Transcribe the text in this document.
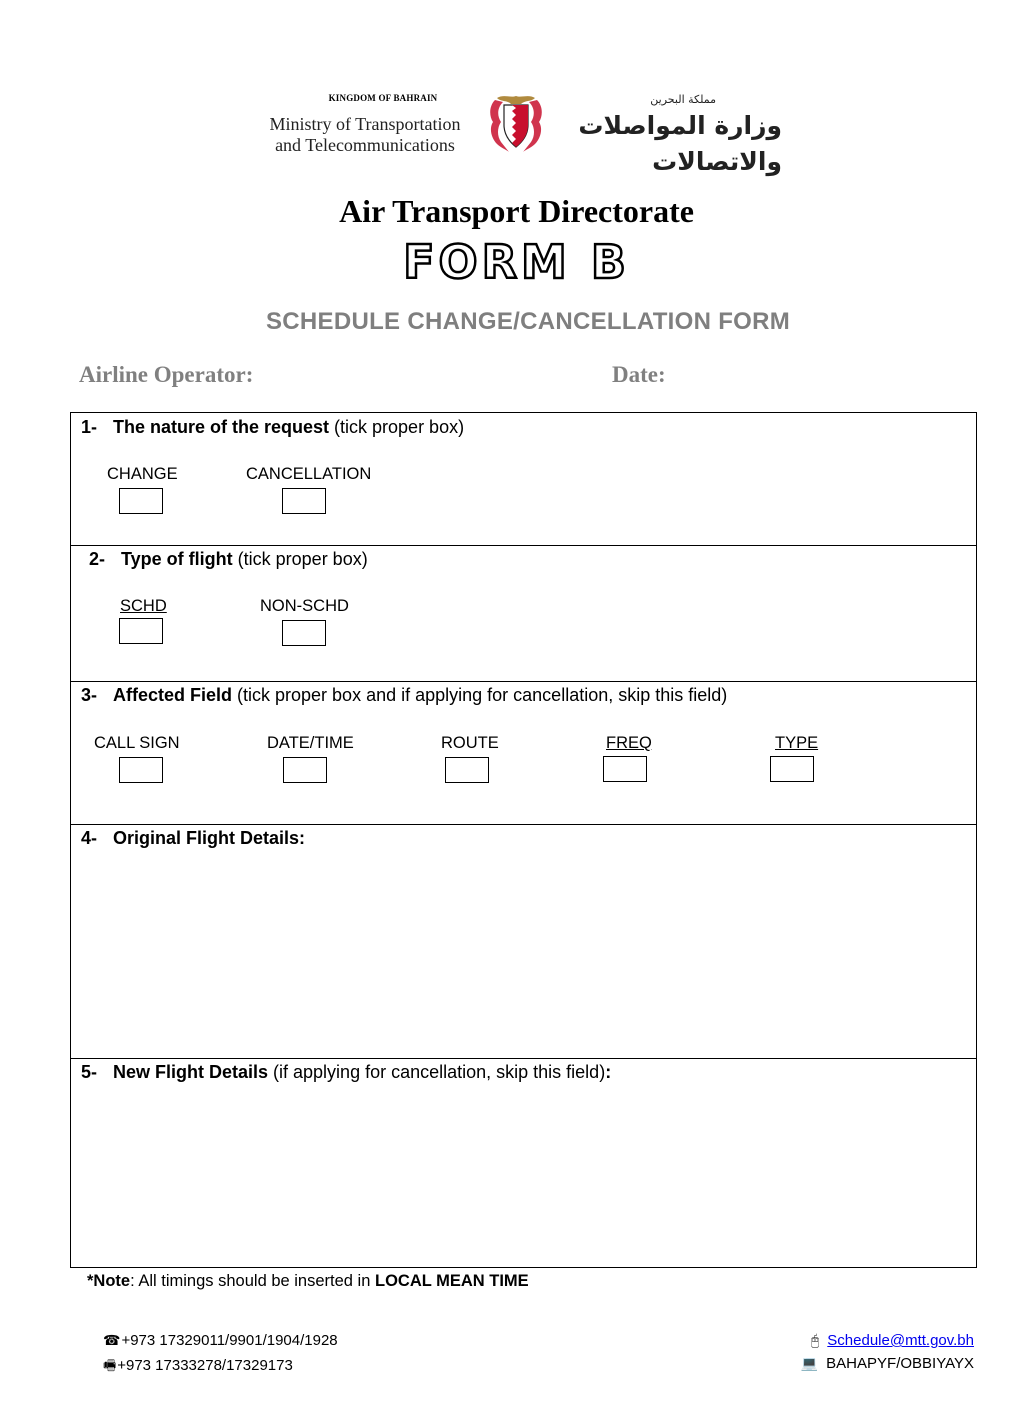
KINGDOM OF BAHRAIN
Ministry of Transportation
and Telecommunications
مملكة البحرين
وزارة المواصلات والاتصالات
Air Transport Directorate
FORM B
SCHEDULE CHANGE/CANCELLATION FORM
Airline Operator:	Date:
1- The nature of the request (tick proper box)
CHANGE	CANCELLATION
2- Type of flight (tick proper box)
SCHD	NON-SCHD
3- Affected Field (tick proper box and if applying for cancellation, skip this field)
CALL SIGN	DATE/TIME	ROUTE	FREQ	TYPE
4- Original Flight Details:
5- New Flight Details (if applying for cancellation, skip this field):
*Note: All timings should be inserted in LOCAL MEAN TIME
☎+973 17329011/9901/1904/1928
🖷+973 17333278/17329173
🖰 Schedule@mtt.gov.bh
💻 BAHAPYF/OBBIYAYX
